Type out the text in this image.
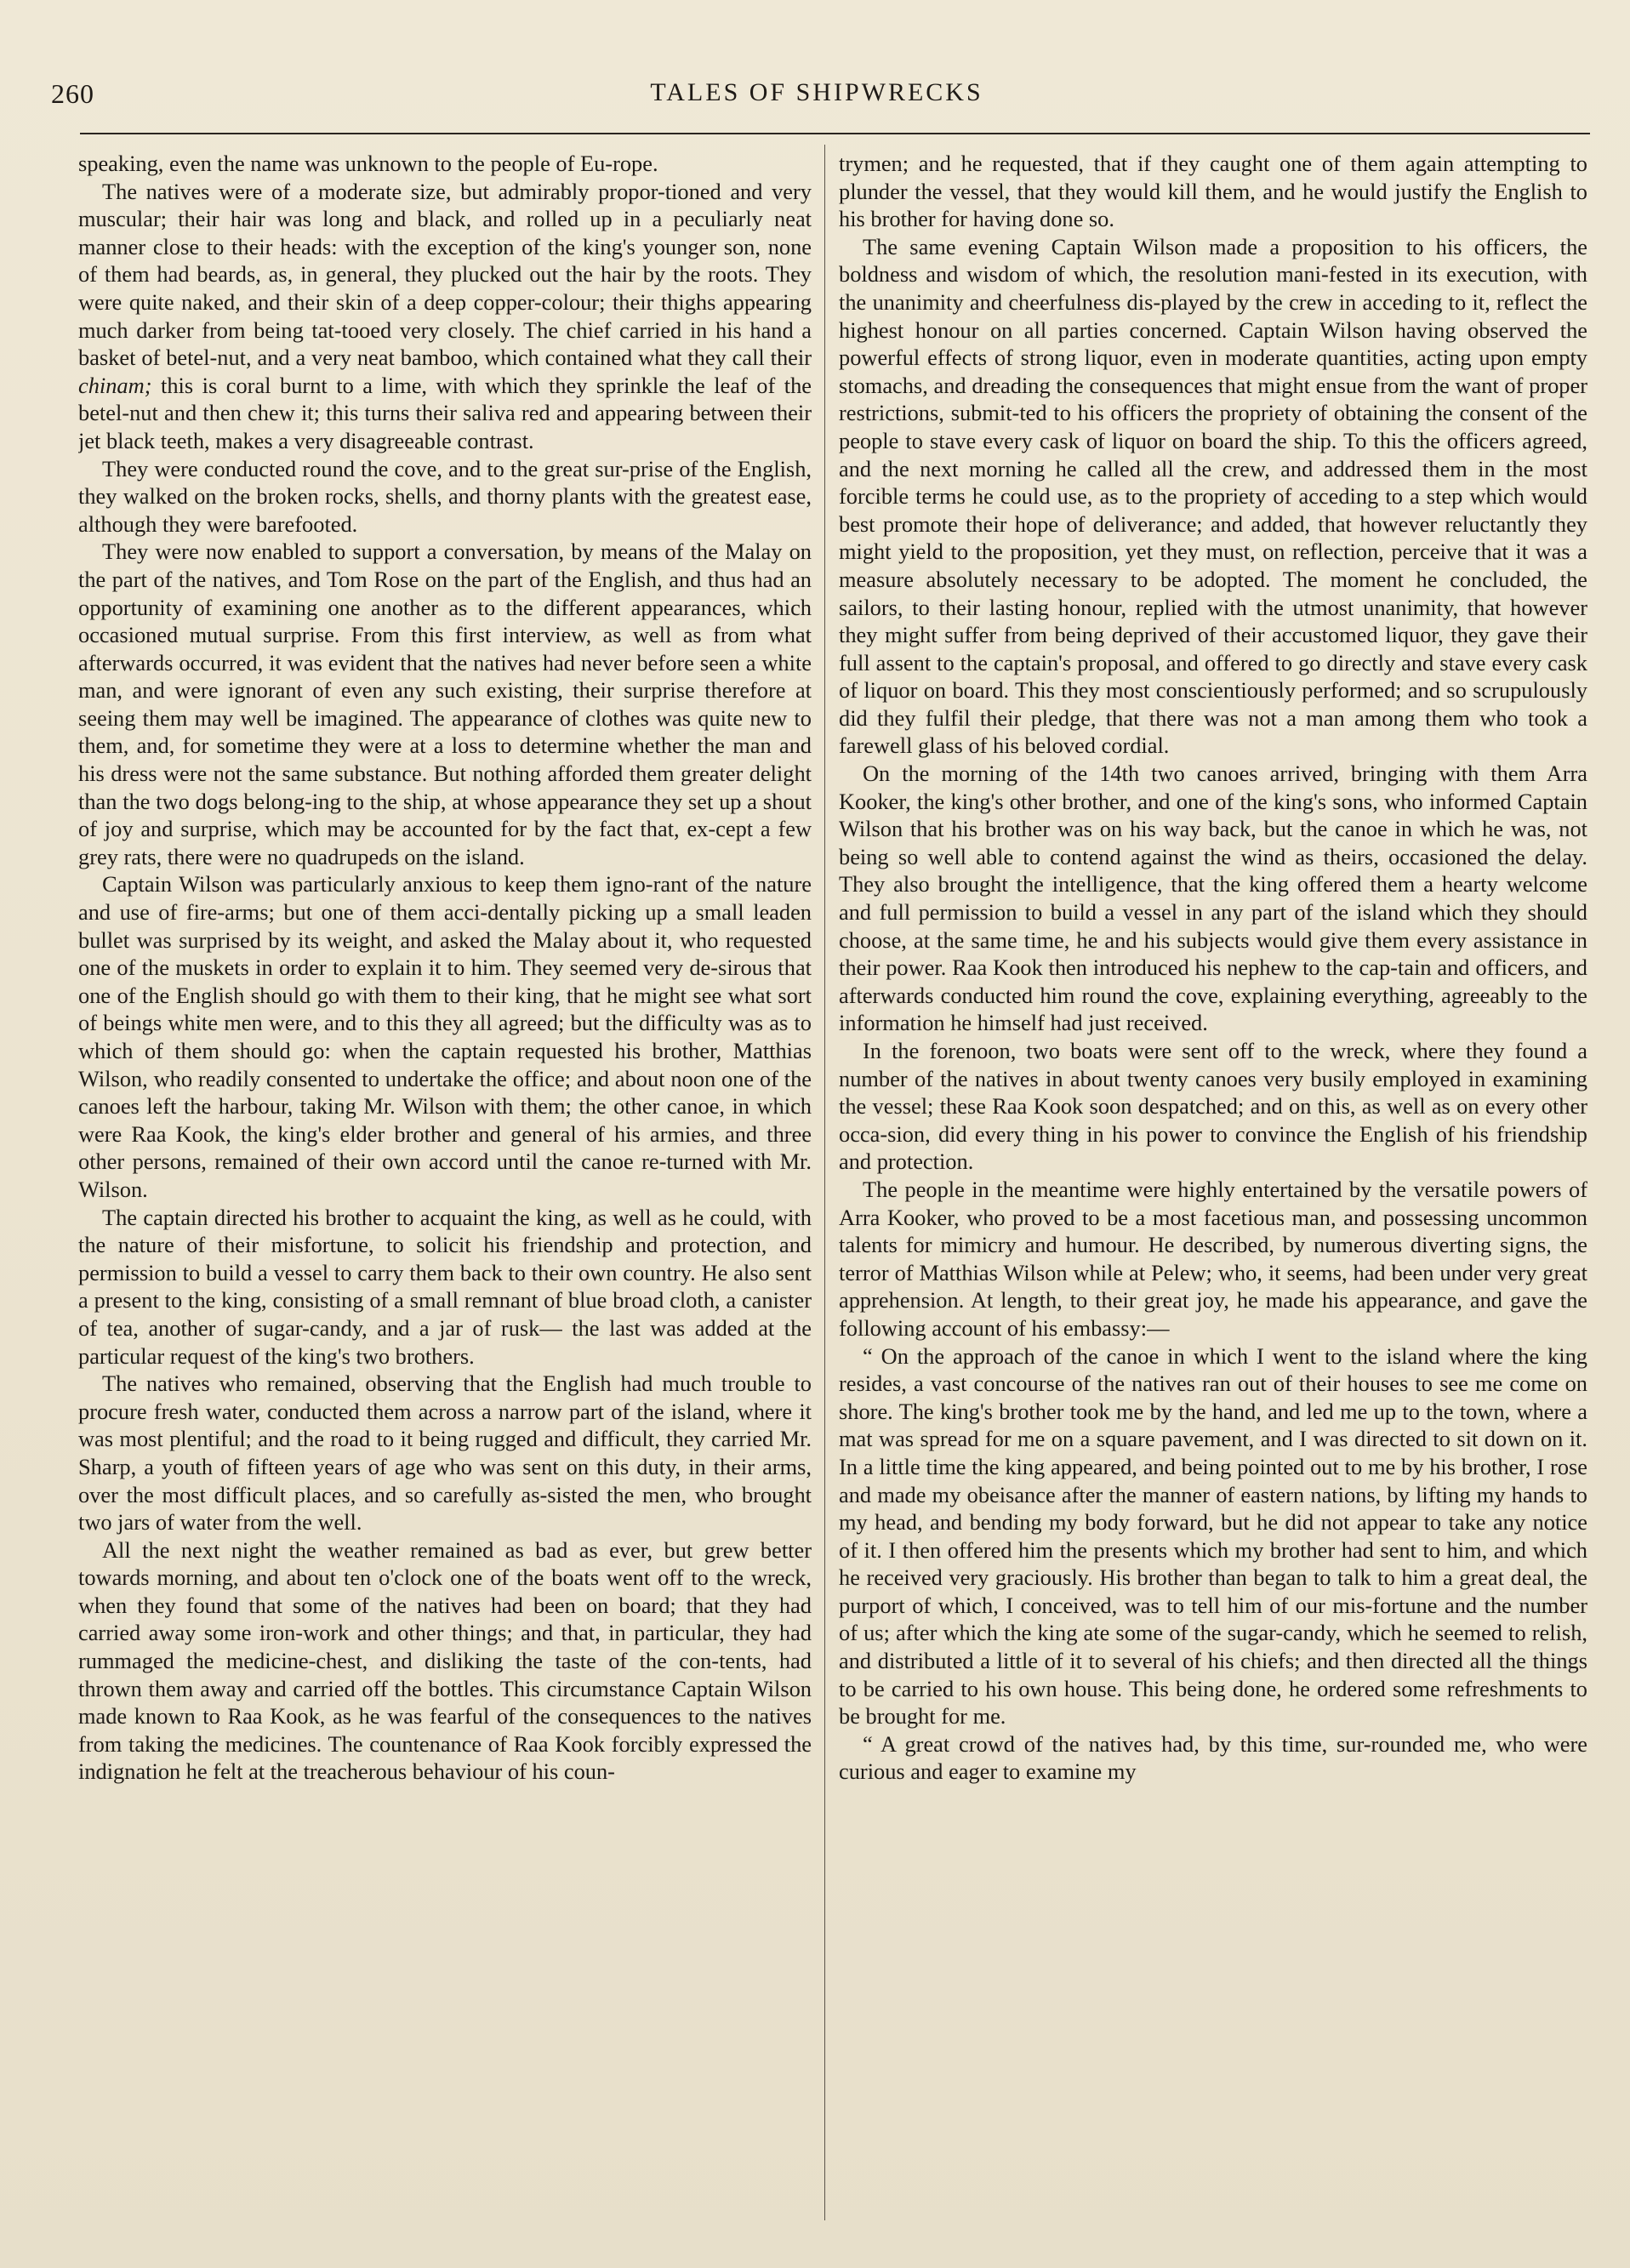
260	TALES OF SHIPWRECKS

speaking, even the name was unknown to the people of Eu-rope.

The natives were of a moderate size, but admirably propor-tioned and very muscular; their hair was long and black, and rolled up in a peculiarly neat manner close to their heads: with the exception of the king's younger son, none of them had beards, as, in general, they plucked out the hair by the roots. They were quite naked, and their skin of a deep copper-colour; their thighs appearing much darker from being tat-tooed very closely. The chief carried in his hand a basket of betel-nut, and a very neat bamboo, which contained what they call their chinam; this is coral burnt to a lime, with which they sprinkle the leaf of the betel-nut and then chew it; this turns their saliva red and appearing between their jet black teeth, makes a very disagreeable contrast.

They were conducted round the cove, and to the great sur-prise of the English, they walked on the broken rocks, shells, and thorny plants with the greatest ease, although they were barefooted.

They were now enabled to support a conversation, by means of the Malay on the part of the natives, and Tom Rose on the part of the English, and thus had an opportunity of examining one another as to the different appearances, which occasioned mutual surprise. From this first interview, as well as from what afterwards occurred, it was evident that the natives had never before seen a white man, and were ignorant of even any such existing, their surprise therefore at seeing them may well be imagined. The appearance of clothes was quite new to them, and, for sometime they were at a loss to determine whether the man and his dress were not the same substance. But nothing afforded them greater delight than the two dogs belong-ing to the ship, at whose appearance they set up a shout of joy and surprise, which may be accounted for by the fact that, ex-cept a few grey rats, there were no quadrupeds on the island.

Captain Wilson was particularly anxious to keep them igno-rant of the nature and use of fire-arms; but one of them acci-dentally picking up a small leaden bullet was surprised by its weight, and asked the Malay about it, who requested one of the muskets in order to explain it to him. They seemed very de-sirous that one of the English should go with them to their king, that he might see what sort of beings white men were, and to this they all agreed; but the difficulty was as to which of them should go: when the captain requested his brother, Matthias Wilson, who readily consented to undertake the office; and about noon one of the canoes left the harbour, taking Mr. Wilson with them; the other canoe, in which were Raa Kook, the king's elder brother and general of his armies, and three other persons, remained of their own accord until the canoe re-turned with Mr. Wilson.

The captain directed his brother to acquaint the king, as well as he could, with the nature of their misfortune, to solicit his friendship and protection, and permission to build a vessel to carry them back to their own country. He also sent a present to the king, consisting of a small remnant of blue broad cloth, a canister of tea, another of sugar-candy, and a jar of rusk— the last was added at the particular request of the king's two brothers.

The natives who remained, observing that the English had much trouble to procure fresh water, conducted them across a narrow part of the island, where it was most plentiful; and the road to it being rugged and difficult, they carried Mr. Sharp, a youth of fifteen years of age who was sent on this duty, in their arms, over the most difficult places, and so carefully as-sisted the men, who brought two jars of water from the well.

All the next night the weather remained as bad as ever, but grew better towards morning, and about ten o'clock one of the boats went off to the wreck, when they found that some of the natives had been on board; that they had carried away some iron-work and other things; and that, in particular, they had rummaged the medicine-chest, and disliking the taste of the con-tents, had thrown them away and carried off the bottles. This circumstance Captain Wilson made known to Raa Kook, as he was fearful of the consequences to the natives from taking the medicines. The countenance of Raa Kook forcibly expressed the indignation he felt at the treacherous behaviour of his coun-

trymen; and he requested, that if they caught one of them again attempting to plunder the vessel, that they would kill them, and he would justify the English to his brother for having done so.

The same evening Captain Wilson made a proposition to his officers, the boldness and wisdom of which, the resolution mani-fested in its execution, with the unanimity and cheerfulness dis-played by the crew in acceding to it, reflect the highest honour on all parties concerned. Captain Wilson having observed the powerful effects of strong liquor, even in moderate quantities, acting upon empty stomachs, and dreading the consequences that might ensue from the want of proper restrictions, submit-ted to his officers the propriety of obtaining the consent of the people to stave every cask of liquor on board the ship. To this the officers agreed, and the next morning he called all the crew, and addressed them in the most forcible terms he could use, as to the propriety of acceding to a step which would best promote their hope of deliverance; and added, that however reluctantly they might yield to the proposition, yet they must, on reflection, perceive that it was a measure absolutely necessary to be adopted. The moment he concluded, the sailors, to their lasting honour, replied with the utmost unanimity, that however they might suffer from being deprived of their accustomed liquor, they gave their full assent to the captain's proposal, and offered to go directly and stave every cask of liquor on board. This they most conscientiously performed; and so scrupulously did they fulfil their pledge, that there was not a man among them who took a farewell glass of his beloved cordial.

On the morning of the 14th two canoes arrived, bringing with them Arra Kooker, the king's other brother, and one of the king's sons, who informed Captain Wilson that his brother was on his way back, but the canoe in which he was, not being so well able to contend against the wind as theirs, occasioned the delay. They also brought the intelligence, that the king offered them a hearty welcome and full permission to build a vessel in any part of the island which they should choose, at the same time, he and his subjects would give them every assistance in their power. Raa Kook then introduced his nephew to the cap-tain and officers, and afterwards conducted him round the cove, explaining everything, agreeably to the information he himself had just received.

In the forenoon, two boats were sent off to the wreck, where they found a number of the natives in about twenty canoes very busily employed in examining the vessel; these Raa Kook soon despatched; and on this, as well as on every other occa-sion, did every thing in his power to convince the English of his friendship and protection.

The people in the meantime were highly entertained by the versatile powers of Arra Kooker, who proved to be a most facetious man, and possessing uncommon talents for mimicry and humour. He described, by numerous diverting signs, the terror of Matthias Wilson while at Pelew; who, it seems, had been under very great apprehension. At length, to their great joy, he made his appearance, and gave the following account of his embassy:—

“ On the approach of the canoe in which I went to the island where the king resides, a vast concourse of the natives ran out of their houses to see me come on shore. The king's brother took me by the hand, and led me up to the town, where a mat was spread for me on a square pavement, and I was directed to sit down on it. In a little time the king appeared, and being pointed out to me by his brother, I rose and made my obeisance after the manner of eastern nations, by lifting my hands to my head, and bending my body forward, but he did not appear to take any notice of it. I then offered him the presents which my brother had sent to him, and which he received very graciously. His brother than began to talk to him a great deal, the purport of which, I conceived, was to tell him of our mis-fortune and the number of us; after which the king ate some of the sugar-candy, which he seemed to relish, and distributed a little of it to several of his chiefs; and then directed all the things to be carried to his own house. This being done, he ordered some refreshments to be brought for me.

“ A great crowd of the natives had, by this time, sur-rounded me, who were curious and eager to examine my
